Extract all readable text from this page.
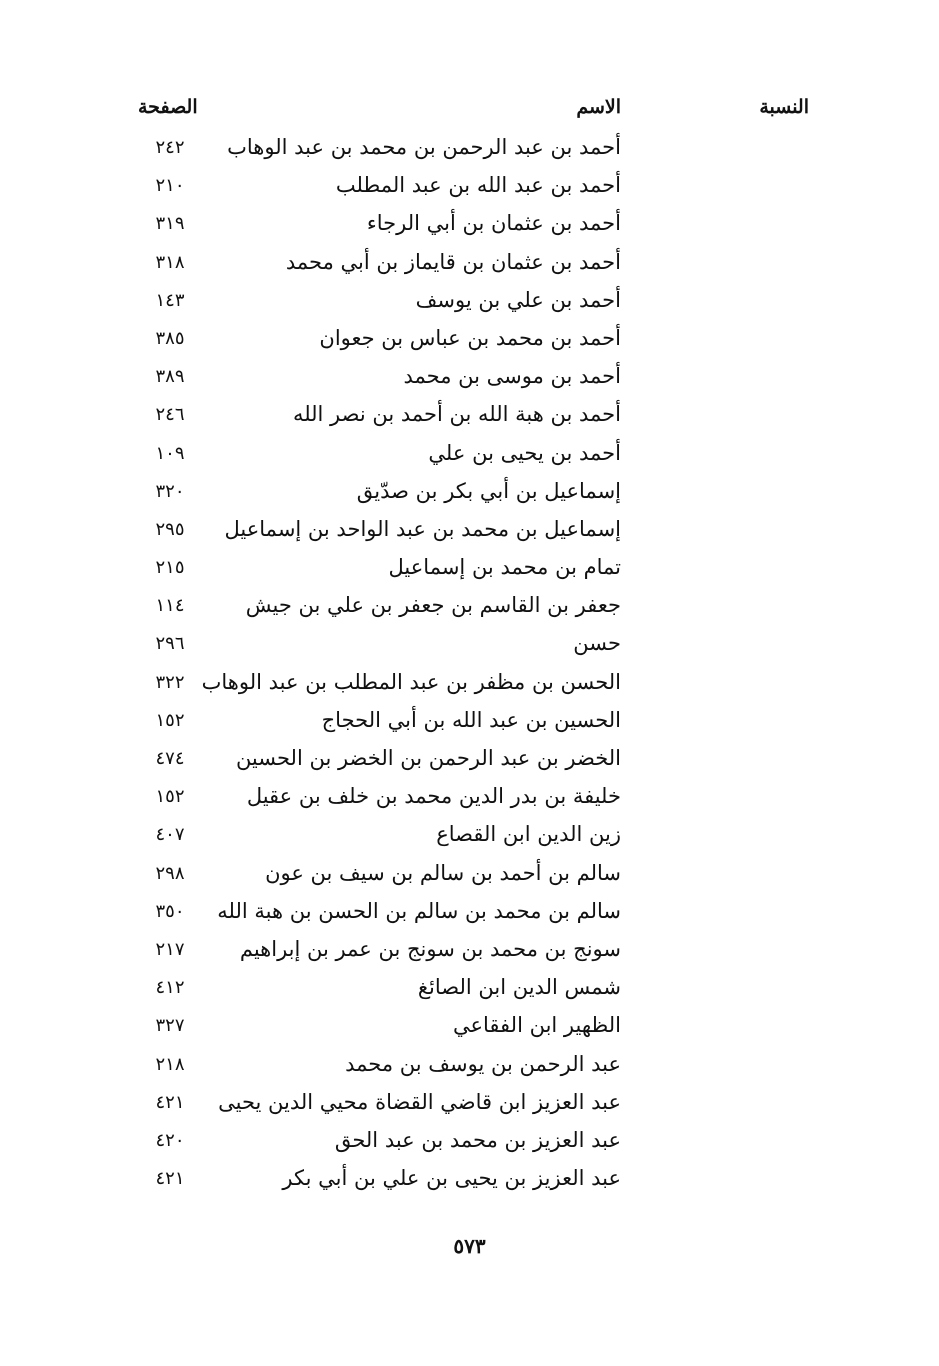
النسبة
الاسم
الصفحة
أحمد بن عبد الرحمن بن محمد بن عبد الوهاب
٢٤٢
أحمد بن عبد الله بن عبد المطلب
٢١٠
أحمد بن عثمان بن أبي الرجاء
٣١٩
أحمد بن عثمان بن قايماز بن أبي محمد
٣١٨
أحمد بن علي بن يوسف
١٤٣
أحمد بن محمد بن عباس بن جعوان
٣٨٥
أحمد بن موسى بن محمد
٣٨٩
أحمد بن هبة الله بن أحمد بن نصر الله
٢٤٦
أحمد بن يحيى بن علي
١٠٩
إسماعيل بن أبي بكر بن صدّيق
٣٢٠
إسماعيل بن محمد بن عبد الواحد بن إسماعيل
٢٩٥
تمام بن محمد بن إسماعيل
٢١٥
جعفر بن القاسم بن جعفر بن علي بن جيش
١١٤
حسن
٢٩٦
الحسن بن مظفر بن عبد المطلب بن عبد الوهاب
٣٢٢
الحسين بن عبد الله بن أبي الحجاج
١٥٢
الخضر بن عبد الرحمن بن الخضر بن الحسين
٤٧٤
خليفة بن بدر الدين محمد بن خلف بن عقيل
١٥٢
زين الدين ابن القصاع
٤٠٧
سالم بن أحمد بن سالم بن سيف بن عون
٢٩٨
سالم بن محمد بن سالم بن الحسن بن هبة الله
٣٥٠
سونج بن محمد بن سونج بن عمر بن إبراهيم
٢١٧
شمس الدين ابن الصائغ
٤١٢
الظهير ابن الفقاعي
٣٢٧
عبد الرحمن بن يوسف بن محمد
٢١٨
عبد العزيز ابن قاضي القضاة محيي الدين يحيى
٤٢١
عبد العزيز بن محمد بن عبد الحق
٤٢٠
عبد العزيز بن يحيى بن علي بن أبي بكر
٤٢١
٥٧٣
